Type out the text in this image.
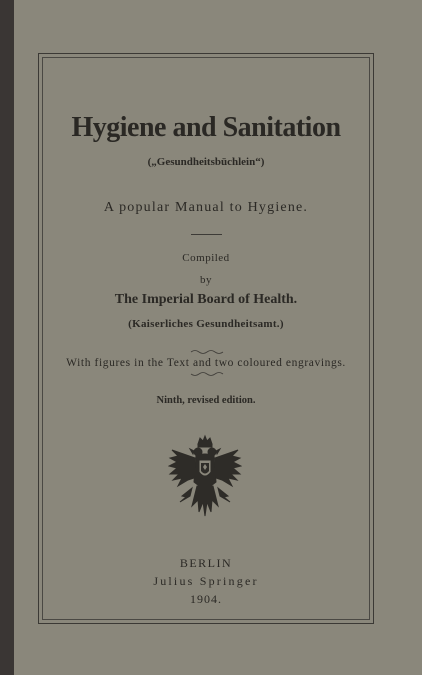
Hygiene and Sanitation
(„Gesundheitsbüchlein“)
A popular Manual to Hygiene.
Compiled
by
The Imperial Board of Health.
(Kaiserliches Gesundheitsamt.)
With figures in the Text and two coloured engravings.
Ninth, revised edition.
BERLIN
Julius Springer
1904.
